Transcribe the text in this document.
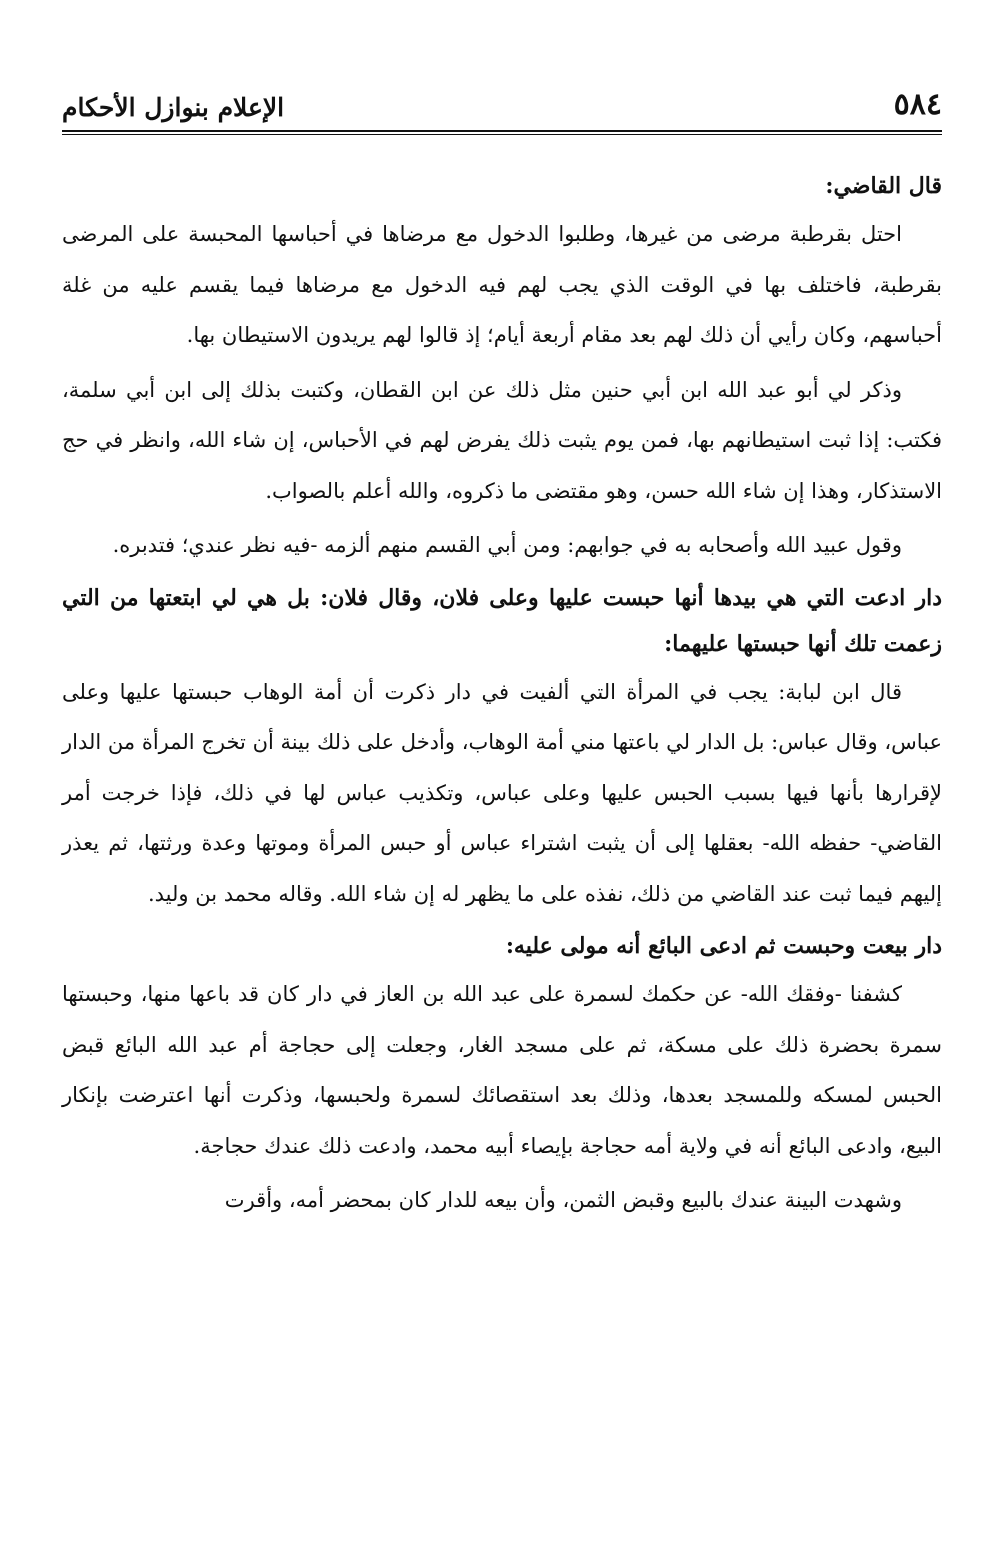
٥٨٤
الإعلام بنوازل الأحكام

قال القاضي:

احتل بقرطبة مرضى من غيرها، وطلبوا الدخول مع مرضاها في أحباسها المحبسة على المرضى بقرطبة، فاختلف بها في الوقت الذي يجب لهم فيه الدخول مع مرضاها فيما يقسم عليه من غلة أحباسهم، وكان رأيي أن ذلك لهم بعد مقام أربعة أيام؛ إذ قالوا لهم يريدون الاستيطان بها.

وذكر لي أبو عبد الله ابن أبي حنين مثل ذلك عن ابن القطان، وكتبت بذلك إلى ابن أبي سلمة، فكتب: إذا ثبت استيطانهم بها، فمن يوم يثبت ذلك يفرض لهم في الأحباس، إن شاء الله، وانظر في حج الاستذكار، وهذا إن شاء الله حسن، وهو مقتضى ما ذكروه، والله أعلم بالصواب.

وقول عبيد الله وأصحابه به في جوابهم: ومن أبي القسم منهم ألزمه -فيه نظر عندي؛ فتدبره.

دار ادعت التي هي بيدها أنها حبست عليها وعلى فلان، وقال فلان: بل هي لي ابتعتها من التي زعمت تلك أنها حبستها عليهما:

قال ابن لبابة: يجب في المرأة التي ألفيت في دار ذكرت أن أمة الوهاب حبستها عليها وعلى عباس، وقال عباس: بل الدار لي باعتها مني أمة الوهاب، وأدخل على ذلك بينة أن تخرج المرأة من الدار لإقرارها بأنها فيها بسبب الحبس عليها وعلى عباس، وتكذيب عباس لها في ذلك، فإذا خرجت أمر القاضي- حفظه الله- بعقلها إلى أن يثبت اشتراء عباس أو حبس المرأة وموتها وعدة ورثتها، ثم يعذر إليهم فيما ثبت عند القاضي من ذلك، نفذه على ما يظهر له إن شاء الله. وقاله محمد بن وليد.

دار بيعت وحبست ثم ادعى البائع أنه مولى عليه:

كشفنا -وفقك الله- عن حكمك لسمرة على عبد الله بن العاز في دار كان قد باعها منها، وحبستها سمرة بحضرة ذلك على مسكة، ثم على مسجد الغار، وجعلت إلى حجاجة أم عبد الله البائع قبض الحبس لمسكه وللمسجد بعدها، وذلك بعد استقصائك لسمرة ولحبسها، وذكرت أنها اعترضت بإنكار البيع، وادعى البائع أنه في ولاية أمه حجاجة بإيصاء أبيه محمد، وادعت ذلك عندك حجاجة.

وشهدت البينة عندك بالبيع وقبض الثمن، وأن بيعه للدار كان بمحضر أمه، وأقرت
